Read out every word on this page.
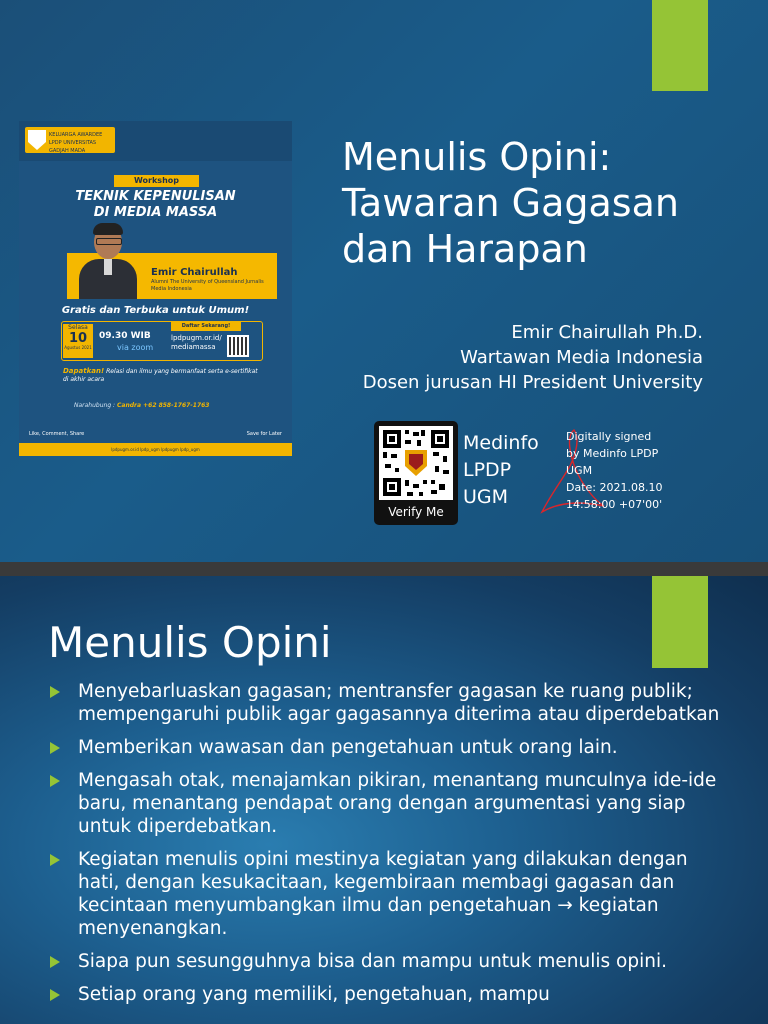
KELUARGA AWARDEE LPDP UNIVERSITAS GADJAH MADA
Workshop
TEKNIK KEPENULISAN
DI MEDIA MASSA
Emir Chairullah
Alumni The University of Queensland Jurnalis Media Indonesia
Gratis dan Terbuka untuk Umum!
Selasa
10
Agustus 2021
09.30 WIB
via zoom
Daftar Sekarang!
lpdpugm.or.id/ mediamassa
Dapatkan! Relasi dan ilmu yang bermanfaat serta e-sertifikat di akhir acara
Narahubung : Candra +62 858-1767-1763
Like, Comment, Share	Save for Later
lpdpugm.or.id lpdp_ugm lpdpugm lpdp_ugm
Menulis Opini:
Tawaran Gagasan
dan Harapan
Emir Chairullah Ph.D.
Wartawan Media Indonesia
Dosen jurusan HI President University
Verify Me
Medinfo
LPDP
UGM
Digitally signed
by Medinfo LPDP
UGM
Date: 2021.08.10
14:58:00 +07'00'
Menulis Opini
Menyebarluaskan gagasan; mentransfer gagasan ke ruang publik; mempengaruhi publik agar gagasannya diterima atau diperdebatkan
Memberikan wawasan dan pengetahuan untuk orang lain.
Mengasah otak, menajamkan pikiran, menantang munculnya ide-ide baru, menantang pendapat orang dengan argumentasi yang siap untuk diperdebatkan.
Kegiatan menulis opini mestinya kegiatan yang dilakukan dengan hati, dengan kesukacitaan, kegembiraan membagi gagasan dan kecintaan menyumbangkan ilmu dan pengetahuan → kegiatan menyenangkan.
Siapa pun sesungguhnya bisa dan mampu untuk menulis opini.
Setiap orang yang memiliki, pengetahuan, mampu
